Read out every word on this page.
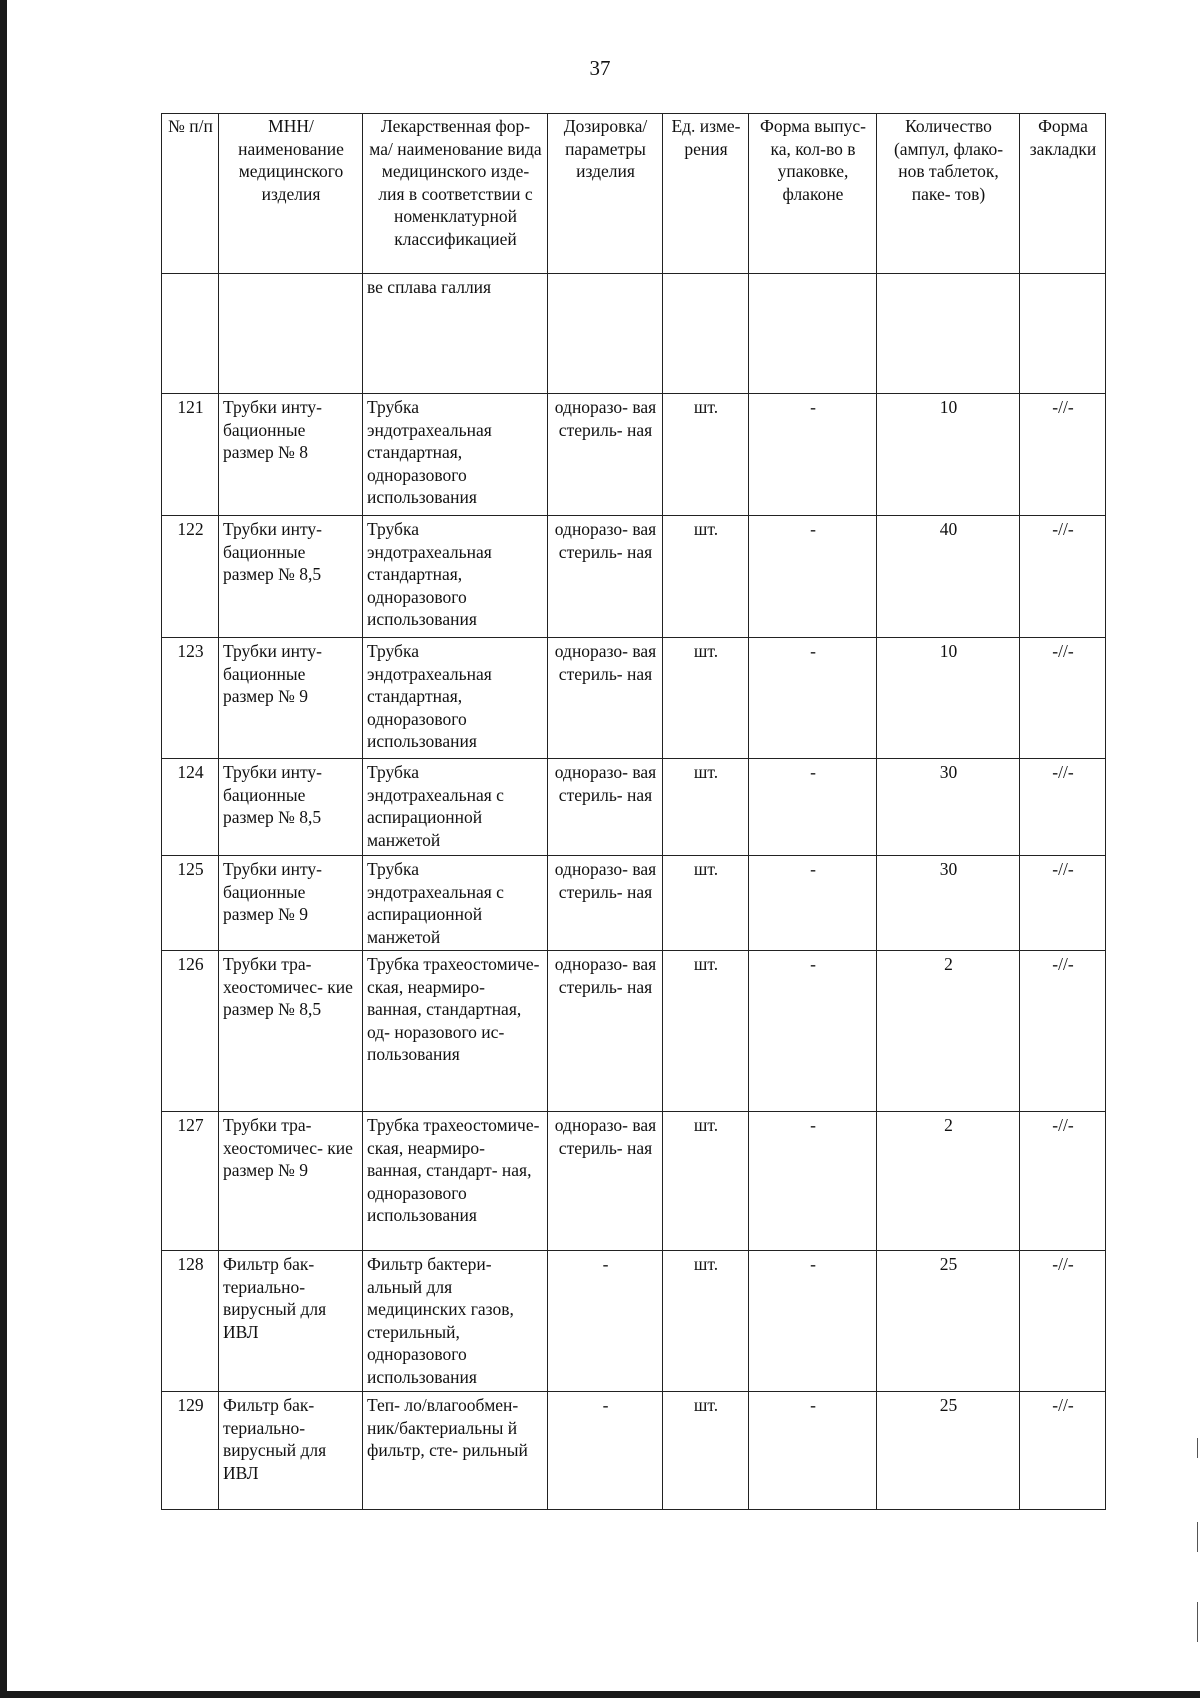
37
№ п/п	МНН/ наименование медицинского изделия	Лекарственная фор- ма/ наименование вида медицинского изде- лия в соответствии с номенклатурной классификацией	Дозировка/ параметры изделия	Ед. изме- рения	Форма выпус- ка, кол-во в упаковке, флаконе	Количество (ампул, флако- нов таблеток, паке- тов)	Форма закладки
		ве сплава галлия					
121	Трубки инту- бационные размер № 8	Трубка эндотрахеальная стандартная, одноразового использования	одноразо- вая стериль- ная	шт.	-	10	-//-
122	Трубки инту- бационные размер № 8,5	Трубка эндотрахеальная стандартная, одноразового использования	одноразо- вая стериль- ная	шт.	-	40	-//-
123	Трубки инту- бационные размер № 9	Трубка эндотрахеальная стандартная, одноразового использования	одноразо- вая стериль- ная	шт.	-	10	-//-
124	Трубки инту- бационные размер № 8,5	Трубка эндотрахеальная с аспирационной манжетой	одноразо- вая стериль- ная	шт.	-	30	-//-
125	Трубки инту- бационные размер № 9	Трубка эндотрахеальная с аспирационной манжетой	одноразо- вая стериль- ная	шт.	-	30	-//-
126	Трубки тра- хеостомичес- кие размер № 8,5	Трубка трахеостомиче- ская, неармиро- ванная, стандартная, од- норазового ис- пользования	одноразо- вая стериль- ная	шт.	-	2	-//-
127	Трубки тра- хеостомичес- кие размер № 9	Трубка трахеостомиче- ская, неармиро- ванная, стандарт- ная, одноразового использования	одноразо- вая стериль- ная	шт.	-	2	-//-
128	Фильтр бак- териально- вирусный для ИВЛ	Фильтр бактери- альный для медицинских газов, стерильный, одноразового использования	-	шт.	-	25	-//-
129	Фильтр бак- териально- вирусный для ИВЛ	Теп- ло/влагообмен- ник/бактериальны й фильтр, сте- рильный	-	шт.	-	25	-//-
